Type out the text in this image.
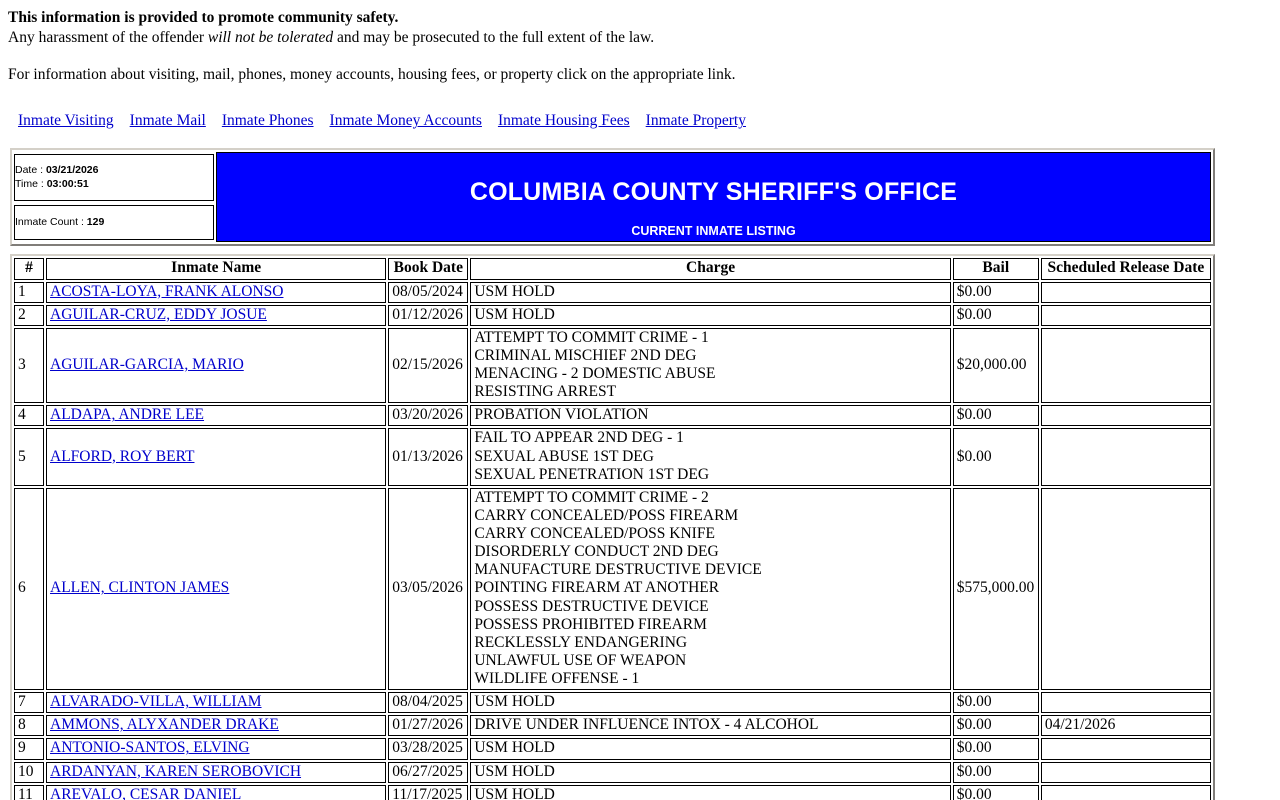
This information is provided to promote community safety.
Any harassment of the offender will not be tolerated and may be prosecuted to the full extent of the law.
For information about visiting, mail, phones, money accounts, housing fees, or property click on the appropriate link.
Inmate Visiting Inmate Mail Inmate Phones Inmate Money Accounts Inmate Housing Fees Inmate Property
Date : 03/21/2026
Time : 03:00:51

Inmate Count : 129

COLUMBIA COUNTY SHERIFF'S OFFICE
CURRENT INMATE LISTING
#	Inmate Name	Book Date	Charge	Bail	Scheduled Release Date
1	ACOSTA-LOYA, FRANK ALONSO	08/05/2024	USM HOLD	$0.00	
2	AGUILAR-CRUZ, EDDY JOSUE	01/12/2026	USM HOLD	$0.00	
3	AGUILAR-GARCIA, MARIO	02/15/2026	ATTEMPT TO COMMIT CRIME - 1
CRIMINAL MISCHIEF 2ND DEG
MENACING - 2 DOMESTIC ABUSE
RESISTING ARREST	$20,000.00	
4	ALDAPA, ANDRE LEE	03/20/2026	PROBATION VIOLATION	$0.00	
5	ALFORD, ROY BERT	01/13/2026	FAIL TO APPEAR 2ND DEG - 1
SEXUAL ABUSE 1ST DEG
SEXUAL PENETRATION 1ST DEG	$0.00	
6	ALLEN, CLINTON JAMES	03/05/2026	
ATTEMPT TO COMMIT CRIME - 2
CARRY CONCEALED/POSS FIREARM
CARRY CONCEALED/POSS KNIFE
DISORDERLY CONDUCT 2ND DEG
MANUFACTURE DESTRUCTIVE DEVICE
POINTING FIREARM AT ANOTHER
POSSESS DESTRUCTIVE DEVICE
POSSESS PROHIBITED FIREARM
RECKLESSLY ENDANGERING
UNLAWFUL USE OF WEAPON
WILDLIFE OFFENSE - 1
	$575,000.00	
7	ALVARADO-VILLA, WILLIAM	08/04/2025	USM HOLD	$0.00	
8	AMMONS, ALYXANDER DRAKE	01/27/2026	DRIVE UNDER INFLUENCE INTOX - 4 ALCOHOL	$0.00	04/21/2026
9	ANTONIO-SANTOS, ELVING	03/28/2025	USM HOLD	$0.00	
10	ARDANYAN, KAREN SEROBOVICH	06/27/2025	USM HOLD	$0.00	
11	AREVALO, CESAR DANIEL	11/17/2025	USM HOLD	$0.00	
